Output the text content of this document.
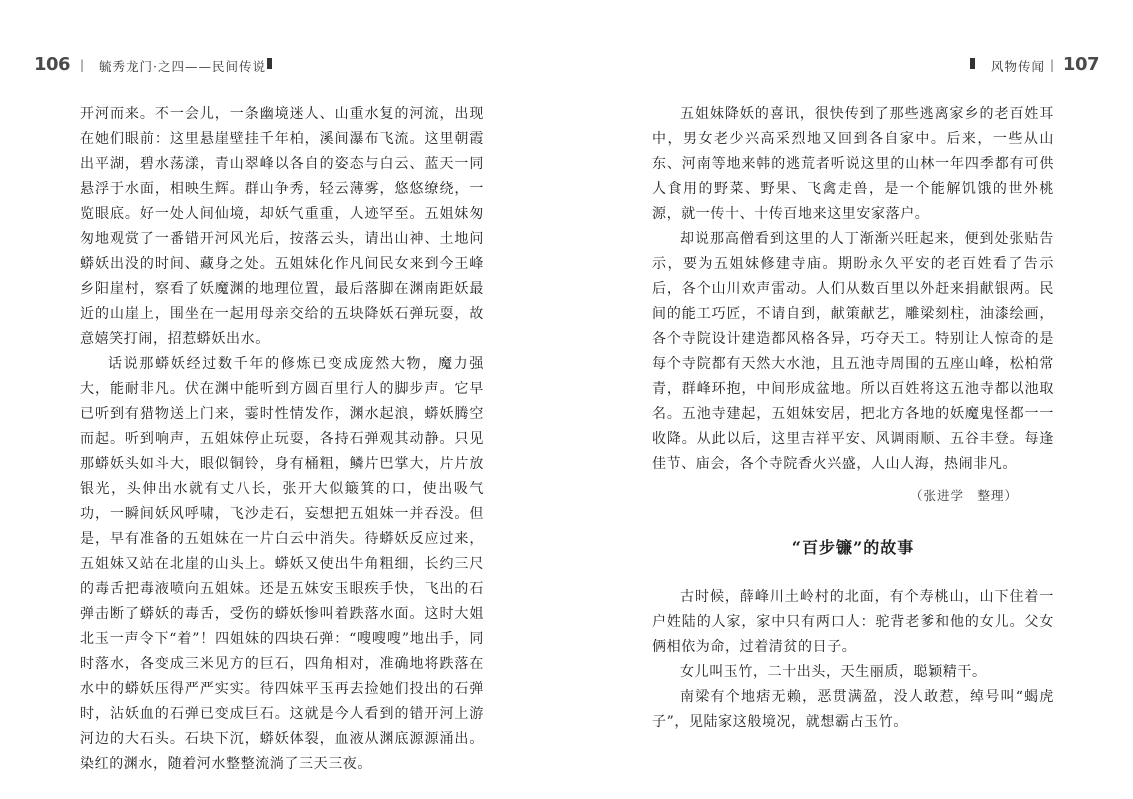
106 | 毓秀龙门·之四——民间传说

开河而来。不一会儿，一条幽境迷人、山重水复的河流，出现在她们眼前：这里悬崖壁挂千年柏，溪间瀑布飞流。这里朝霞出平湖，碧水荡漾，青山翠峰以各自的姿态与白云、蓝天一同悬浮于水面，相映生辉。群山争秀，轻云薄雾，悠悠缭绕，一览眼底。好一处人间仙境，却妖气重重，人迹罕至。五姐妹匆匆地观赏了一番错开河风光后，按落云头，请出山神、土地问蟒妖出没的时间、藏身之处。五姐妹化作凡间民女来到今王峰乡阳崖村，察看了妖魔渊的地理位置，最后落脚在渊南距妖最近的山崖上，围坐在一起用母亲交给的五块降妖石弹玩耍，故意嬉笑打闹，招惹蟒妖出水。

话说那蟒妖经过数千年的修炼已变成庞然大物，魔力强大，能耐非凡。伏在渊中能听到方圆百里行人的脚步声。它早已听到有猎物送上门来，霎时性情发作，渊水起浪，蟒妖腾空而起。听到响声，五姐妹停止玩耍，各持石弹观其动静。只见那蟒妖头如斗大，眼似铜铃，身有桶粗，鳞片巴掌大，片片放银光，头伸出水就有丈八长，张开大似簸箕的口，使出吸气功，一瞬间妖风呼啸，飞沙走石，妄想把五姐妹一并吞没。但是，早有准备的五姐妹在一片白云中消失。待蟒妖反应过来，五姐妹又站在北崖的山头上。蟒妖又使出牛角粗细，长约三尺的毒舌把毒液喷向五姐妹。还是五妹安玉眼疾手快，飞出的石弹击断了蟒妖的毒舌，受伤的蟒妖惨叫着跌落水面。这时大姐北玉一声令下“着”！四姐妹的四块石弹：“嗖嗖嗖”地出手，同时落水，各变成三米见方的巨石，四角相对，准确地将跌落在水中的蟒妖压得严严实实。待四妹平玉再去捡她们投出的石弹时，沾妖血的石弹已变成巨石。这就是今人看到的错开河上游河边的大石头。石块下沉，蟒妖体裂，血液从渊底源源涌出。染红的渊水，随着河水整整流淌了三天三夜。

风物传闻 | 107

五姐妹降妖的喜讯，很快传到了那些逃离家乡的老百姓耳中，男女老少兴高采烈地又回到各自家中。后来，一些从山东、河南等地来韩的逃荒者听说这里的山林一年四季都有可供人食用的野菜、野果、飞禽走兽，是一个能解饥饿的世外桃源，就一传十、十传百地来这里安家落户。

却说那高僧看到这里的人丁渐渐兴旺起来，便到处张贴告示，要为五姐妹修建寺庙。期盼永久平安的老百姓看了告示后，各个山川欢声雷动。人们从数百里以外赶来捐献银两。民间的能工巧匠，不请自到，献策献艺，雕梁刻柱，油漆绘画，各个寺院设计建造都风格各异，巧夺天工。特别让人惊奇的是每个寺院都有天然大水池，且五池寺周围的五座山峰，松柏常青，群峰环抱，中间形成盆地。所以百姓将这五池寺都以池取名。五池寺建起，五姐妹安居，把北方各地的妖魔鬼怪都一一收降。从此以后，这里吉祥平安、风调雨顺、五谷丰登。每逢佳节、庙会，各个寺院香火兴盛，人山人海，热闹非凡。

（张进学　整理）
“百步镰”的故事

古时候，薛峰川土岭村的北面，有个寿桃山，山下住着一户姓陆的人家，家中只有两口人：驼背老爹和他的女儿。父女俩相依为命，过着清贫的日子。

女儿叫玉竹，二十出头，天生丽质，聪颖精干。

南梁有个地痞无赖，恶贯满盈，没人敢惹，绰号叫“蝎虎子”，见陆家这般境况，就想霸占玉竹。
